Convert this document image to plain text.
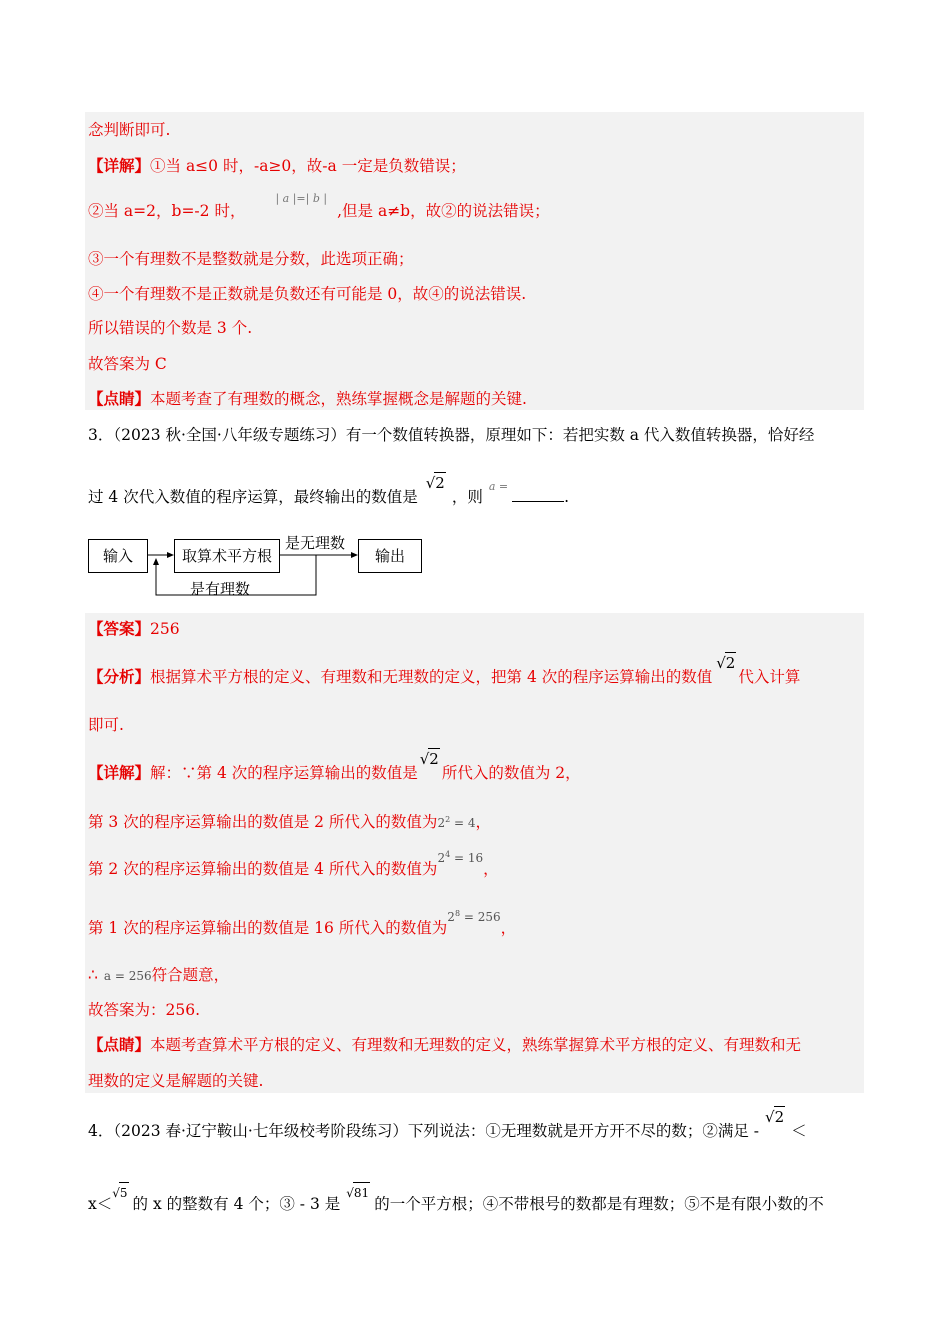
念判断即可.
【详解】①当 a≤0 时，-a≥0，故-a 一定是负数错误；
②当 a=2，b=-2 时，$^{| a |=| b |}$,但是 a≠b，故②的说法错误；
③一个有理数不是整数就是分数，此选项正确；
④一个有理数不是正数就是负数还有可能是 0，故④的说法错误.
所以错误的个数是 3 个.
故答案为 C
【点睛】本题考查了有理数的概念，熟练掌握概念是解题的关键.
3．（2023 秋·全国·八年级专题练习）有一个数值转换器，原理如下：若把实数 a 代入数值转换器，恰好经
过 4 次代入数值的程序运算，最终输出的数值是√2，则$^{a =}$.
输入	取算术平方根	输出
是无理数
是有理数
【答案】256
【分析】根据算术平方根的定义、有理数和无理数的定义，把第 4 次的程序运算输出的数值√2代入计算
即可.
【详解】解：∵第 4 次的程序运算输出的数值是√2所代入的数值为 2，
第 3 次的程序运算输出的数值是 2 所代入的数值为$2^2 = 4$，
第 2 次的程序运算输出的数值是 4 所代入的数值为$^{2^4 = 16}$，
第 1 次的程序运算输出的数值是 16 所代入的数值为$^{2^8 = 256}$，
∴ a = 256符合题意，
故答案为：256.
【点睛】本题考查算术平方根的定义、有理数和无理数的定义，熟练掌握算术平方根的定义、有理数和无
理数的定义是解题的关键.
4．（2023 春·辽宁鞍山·七年级校考阶段练习）下列说法：①无理数就是开方开不尽的数；②满足 -√2＜
x＜√5的 x 的整数有 4 个；③ - 3 是√81的一个平方根；④不带根号的数都是有理数；⑤不是有限小数的不
